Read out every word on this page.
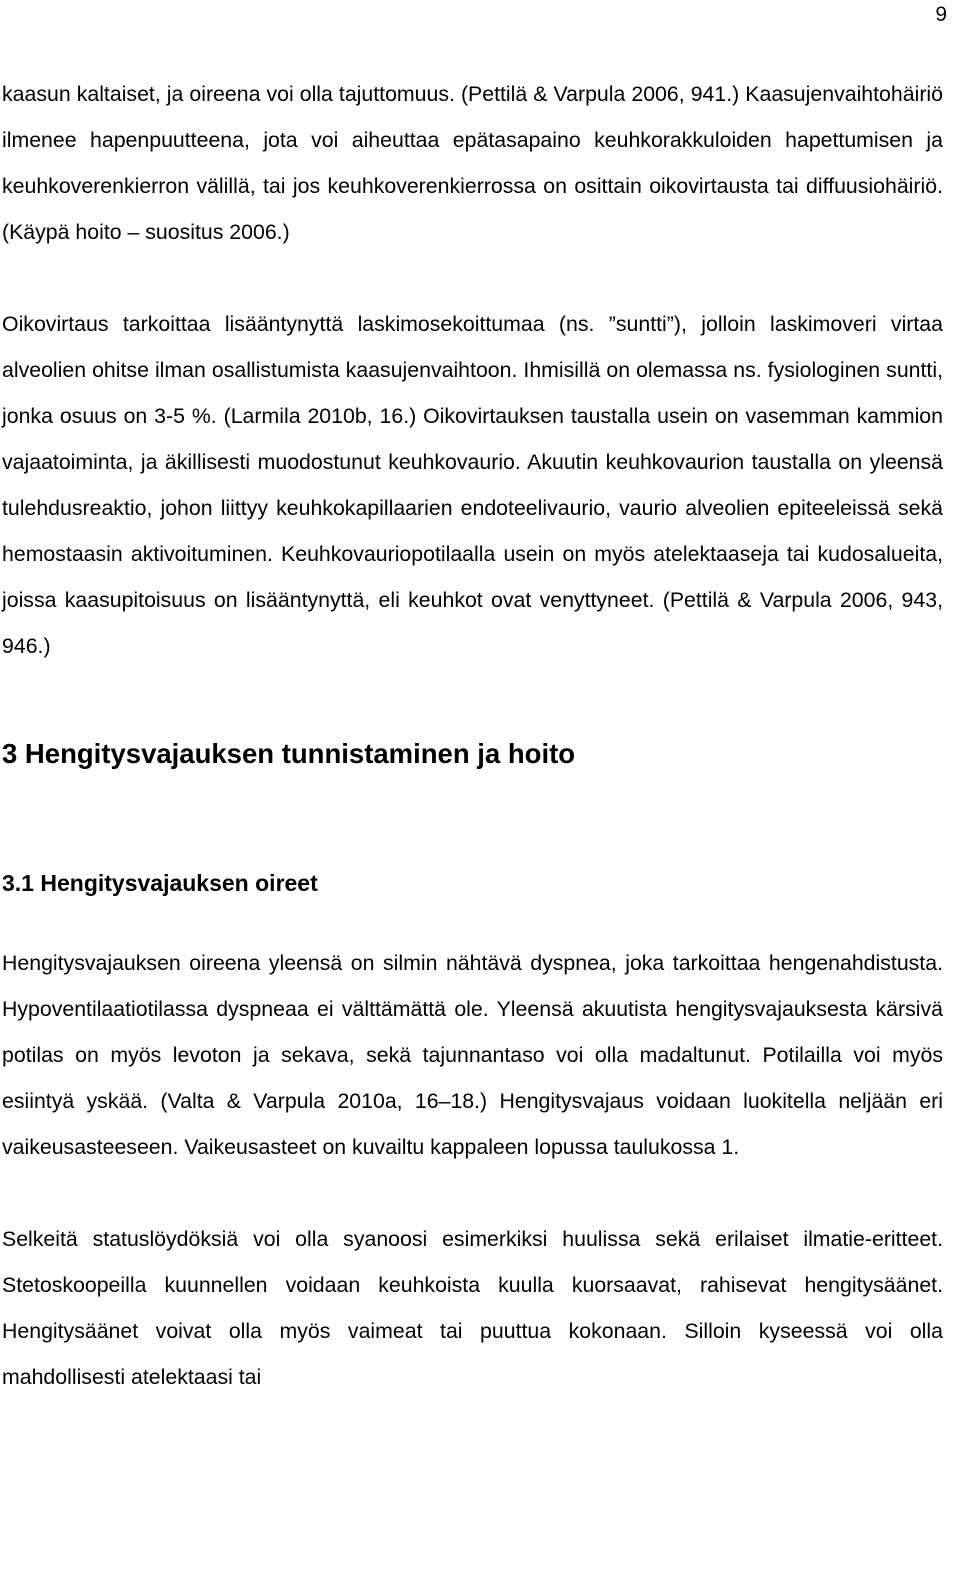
9

kaasun kaltaiset, ja oireena voi olla tajuttomuus. (Pettilä & Varpula 2006, 941.) Kaasujenvaihtohäiriö ilmenee hapenpuutteena, jota voi aiheuttaa epätasapaino keuhkorakkuloiden hapettumisen ja keuhkoverenkierron välillä, tai jos keuhkoverenkierrossa on osittain oikovirtausta tai diffuusiohäiriö. (Käypä hoito – suositus 2006.)

Oikovirtaus tarkoittaa lisääntynyttä laskimosekoittumaa (ns. ”suntti”), jolloin laskimoveri virtaa alveolien ohitse ilman osallistumista kaasujenvaihtoon. Ihmisillä on olemassa ns. fysiologinen suntti, jonka osuus on 3-5 %. (Larmila 2010b, 16.) Oikovirtauksen taustalla usein on vasemman kammion vajaatoiminta, ja äkillisesti muodostunut keuhkovaurio. Akuutin keuhkovaurion taustalla on yleensä tulehdusreaktio, johon liittyy keuhkokapillaarien endoteelivaurio, vaurio alveolien epiteeleissä sekä hemostaasin aktivoituminen. Keuhkovauriopotilaalla usein on myös atelektaaseja tai kudosalueita, joissa kaasupitoisuus on lisääntynyttä, eli keuhkot ovat venyttyneet. (Pettilä & Varpula 2006, 943, 946.)

3 Hengitysvajauksen tunnistaminen ja hoito
3.1 Hengitysvajauksen oireet

Hengitysvajauksen oireena yleensä on silmin nähtävä dyspnea, joka tarkoittaa hengenahdistusta. Hypoventilaatiotilassa dyspneaa ei välttämättä ole. Yleensä akuutista hengitysvajauksesta kärsivä potilas on myös levoton ja sekava, sekä tajunnantaso voi olla madaltunut. Potilailla voi myös esiintyä yskää. (Valta & Varpula 2010a, 16–18.) Hengitysvajaus voidaan luokitella neljään eri vaikeusasteeseen. Vaikeusasteet on kuvailtu kappaleen lopussa taulukossa 1.

Selkeitä statuslöydöksiä voi olla syanoosi esimerkiksi huulissa sekä erilaiset ilmatie-eritteet. Stetoskoopeilla kuunnellen voidaan keuhkoista kuulla kuorsaavat, rahisevat hengitysäänet. Hengitysäänet voivat olla myös vaimeat tai puuttua kokonaan. Silloin kyseessä voi olla mahdollisesti atelektaasi tai
